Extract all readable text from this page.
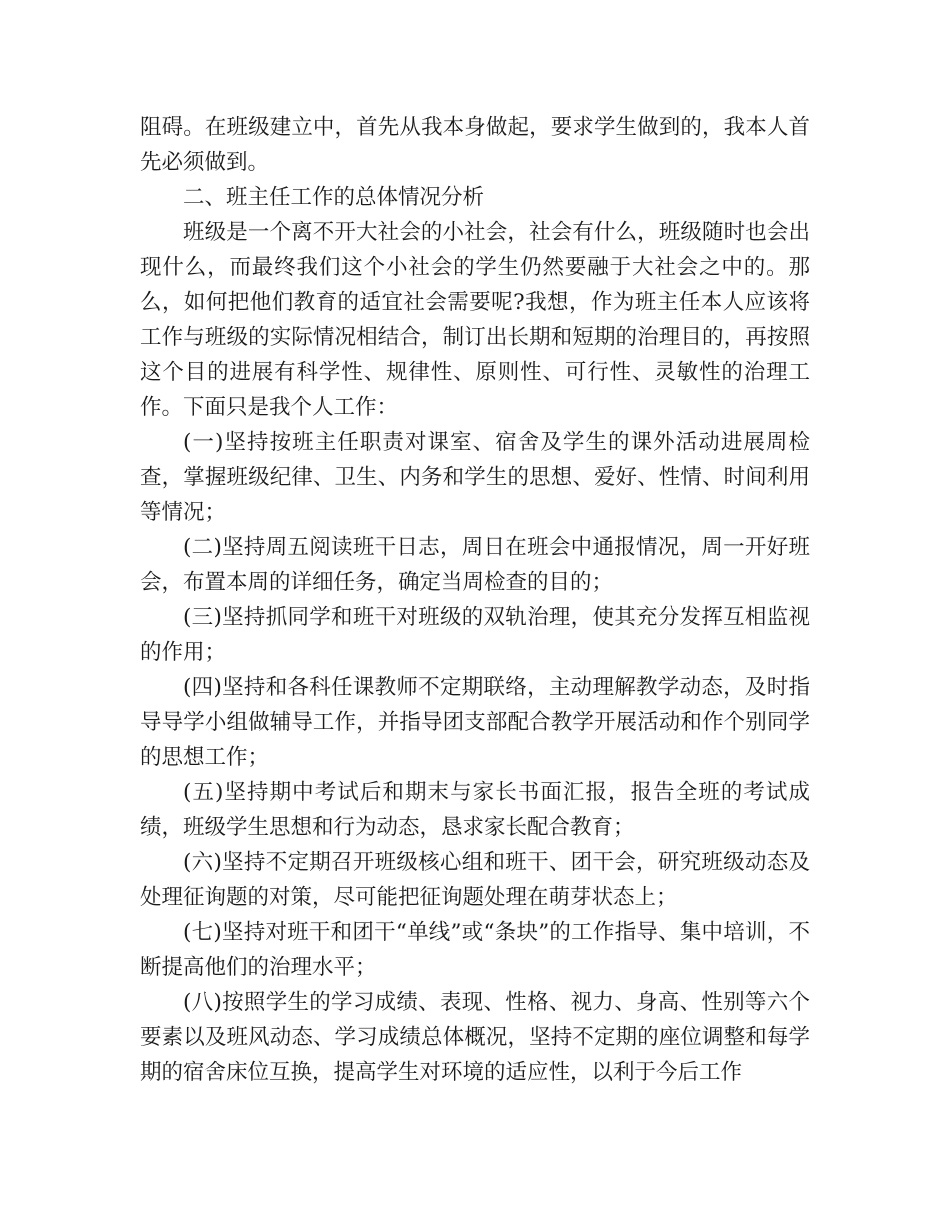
阻碍。在班级建立中，首先从我本身做起，要求学生做到的，我本人首先必须做到。

二、班主任工作的总体情况分析

班级是一个离不开大社会的小社会，社会有什么，班级随时也会出现什么，而最终我们这个小社会的学生仍然要融于大社会之中的。那么，如何把他们教育的适宜社会需要呢?我想，作为班主任本人应该将工作与班级的实际情况相结合，制订出长期和短期的治理目的，再按照这个目的进展有科学性、规律性、原则性、可行性、灵敏性的治理工作。下面只是我个人工作：

(一)坚持按班主任职责对课室、宿舍及学生的课外活动进展周检查，掌握班级纪律、卫生、内务和学生的思想、爱好、性情、时间利用等情况；

(二)坚持周五阅读班干日志，周日在班会中通报情况，周一开好班会，布置本周的详细任务，确定当周检查的目的；

(三)坚持抓同学和班干对班级的双轨治理，使其充分发挥互相监视的作用；

(四)坚持和各科任课教师不定期联络，主动理解教学动态，及时指导导学小组做辅导工作，并指导团支部配合教学开展活动和作个别同学的思想工作；

(五)坚持期中考试后和期末与家长书面汇报，报告全班的考试成绩，班级学生思想和行为动态，恳求家长配合教育；

(六)坚持不定期召开班级核心组和班干、团干会，研究班级动态及处理征询题的对策，尽可能把征询题处理在萌芽状态上；

(七)坚持对班干和团干“单线”或“条块”的工作指导、集中培训，不断提高他们的治理水平；

(八)按照学生的学习成绩、表现、性格、视力、身高、性别等六个要素以及班风动态、学习成绩总体概况，坚持不定期的座位调整和每学期的宿舍床位互换，提高学生对环境的适应性，以利于今后工作
